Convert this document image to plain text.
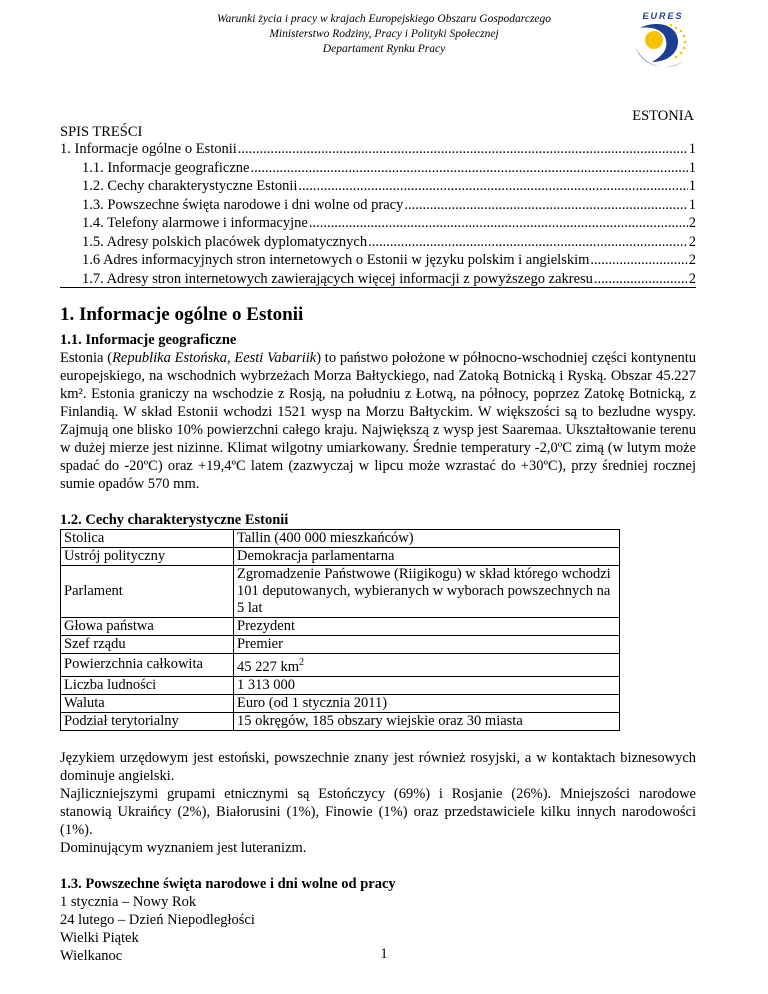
Warunki życia i pracy w krajach Europejskiego Obszaru Gospodarczego
Ministerstwo Rodziny, Pracy i Polityki Społecznej
Departament Rynku Pracy
EURES
ESTONIA
SPIS TREŚCI
1. Informacje ogólne o Estonii .....	1
1.1. Informacje geograficzne .....	1
1.2. Cechy charakterystyczne Estonii .....	1
1.3. Powszechne święta narodowe i dni wolne od pracy .....	1
1.4. Telefony alarmowe i informacyjne .....	2
1.5. Adresy polskich placówek dyplomatycznych .....	2
1.6 Adres informacyjnych stron internetowych o Estonii w języku polskim i angielskim .....	2
1.7. Adresy stron internetowych zawierających więcej informacji z powyższego zakresu .....	2
1. Informacje ogólne o Estonii
1.1. Informacje geograficzne

Estonia (Republika Estońska, Eesti Vabariik) to państwo położone w północno-wschodniej części kontynentu europejskiego, na wschodnich wybrzeżach Morza Bałtyckiego, nad Zatoką Botnicką i Ryską. Obszar 45.227 km². Estonia graniczy na wschodzie z Rosją, na południu z Łotwą, na północy, poprzez Zatokę Botnicką, z Finlandią. W skład Estonii wchodzi 1521 wysp na Morzu Bałtyckim. W większości są to bezludne wyspy. Zajmują one blisko 10% powierzchni całego kraju. Największą z wysp jest Saaremaa. Ukształtowanie terenu w dużej mierze jest nizinne. Klimat wilgotny umiarkowany. Średnie temperatury -2,0ºC zimą (w lutym może spadać do -20ºC) oraz +19,4ºC latem (zazwyczaj w lipcu może wzrastać do +30ºC), przy średniej rocznej sumie opadów 570 mm.

1.2. Cechy charakterystyczne Estonii
Stolica	Tallin (400 000 mieszkańców)
Ustrój polityczny	Demokracja parlamentarna
Parlament	Zgromadzenie Państwowe (Riigikogu) w skład którego wchodzi 101 deputowanych, wybieranych w wyborach powszechnych na 5 lat
Głowa państwa	Prezydent
Szef rządu	Premier
Powierzchnia całkowita	45 227 $km^2$
Liczba ludności	1 313 000
Waluta	Euro (od 1 stycznia 2011)
Podział terytorialny	15 okręgów, 185 obszary wiejskie oraz 30 miasta

Językiem urzędowym jest estoński, powszechnie znany jest również rosyjski, a w kontaktach biznesowych dominuje angielski.

Najliczniejszymi grupami etnicznymi są Estończycy (69%) i Rosjanie (26%). Mniejszości narodowe stanowią Ukraińcy (2%), Białorusini (1%), Finowie (1%) oraz przedstawiciele kilku innych narodowości (1%).

Dominującym wyznaniem jest luteranizm.

1.3. Powszechne święta narodowe i dni wolne od pracy
1 stycznia – Nowy Rok
24 lutego – Dzień Niepodległości
Wielki Piątek
Wielkanoc	1
